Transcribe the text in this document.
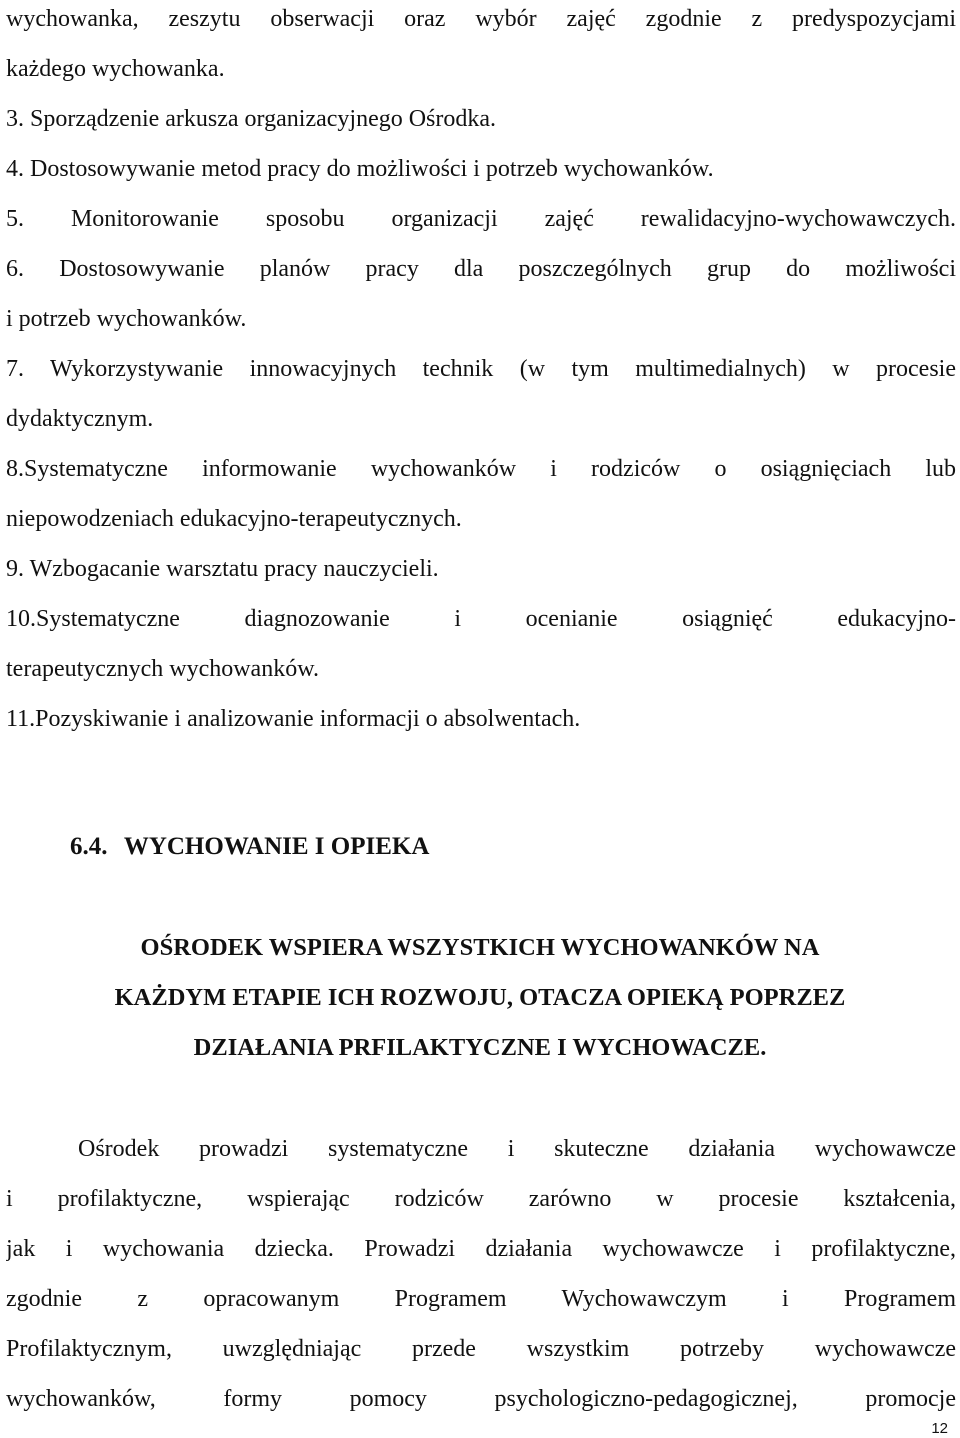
wychowanka, zeszytu obserwacji oraz wybór zajęć zgodnie z predyspozycjami
każdego wychowanka.
3. Sporządzenie arkusza organizacyjnego Ośrodka.
4. Dostosowywanie metod pracy do możliwości i potrzeb wychowanków.
5. Monitorowanie sposobu organizacji zajęć rewalidacyjno-wychowawczych.
6. Dostosowywanie planów pracy dla poszczególnych grup do możliwości
i potrzeb wychowanków.
7. Wykorzystywanie innowacyjnych technik (w tym multimedialnych) w procesie
dydaktycznym.
8.Systematyczne informowanie wychowanków i rodziców o osiągnięciach lub
niepowodzeniach edukacyjno-terapeutycznych.
9. Wzbogacanie warsztatu pracy nauczycieli.
10.Systematyczne diagnozowanie i ocenianie osiągnięć edukacyjno-
terapeutycznych wychowanków.
11.Pozyskiwanie i analizowanie informacji o absolwentach.
6.4. WYCHOWANIE I OPIEKA
OŚRODEK WSPIERA WSZYSTKICH WYCHOWANKÓW NA
KAŻDYM ETAPIE ICH ROZWOJU, OTACZA OPIEKĄ POPRZEZ
DZIAŁANIA PRFILAKTYCZNE I WYCHOWACZE.
Ośrodek prowadzi systematyczne i skuteczne działania wychowawcze
i profilaktyczne, wspierając rodziców zarówno w procesie kształcenia,
jak i wychowania dziecka. Prowadzi działania wychowawcze i profilaktyczne,
zgodnie z opracowanym Programem Wychowawczym i Programem
Profilaktycznym, uwzględniając przede wszystkim potrzeby wychowawcze
wychowanków, formy pomocy psychologiczno-pedagogicznej, promocje
12
